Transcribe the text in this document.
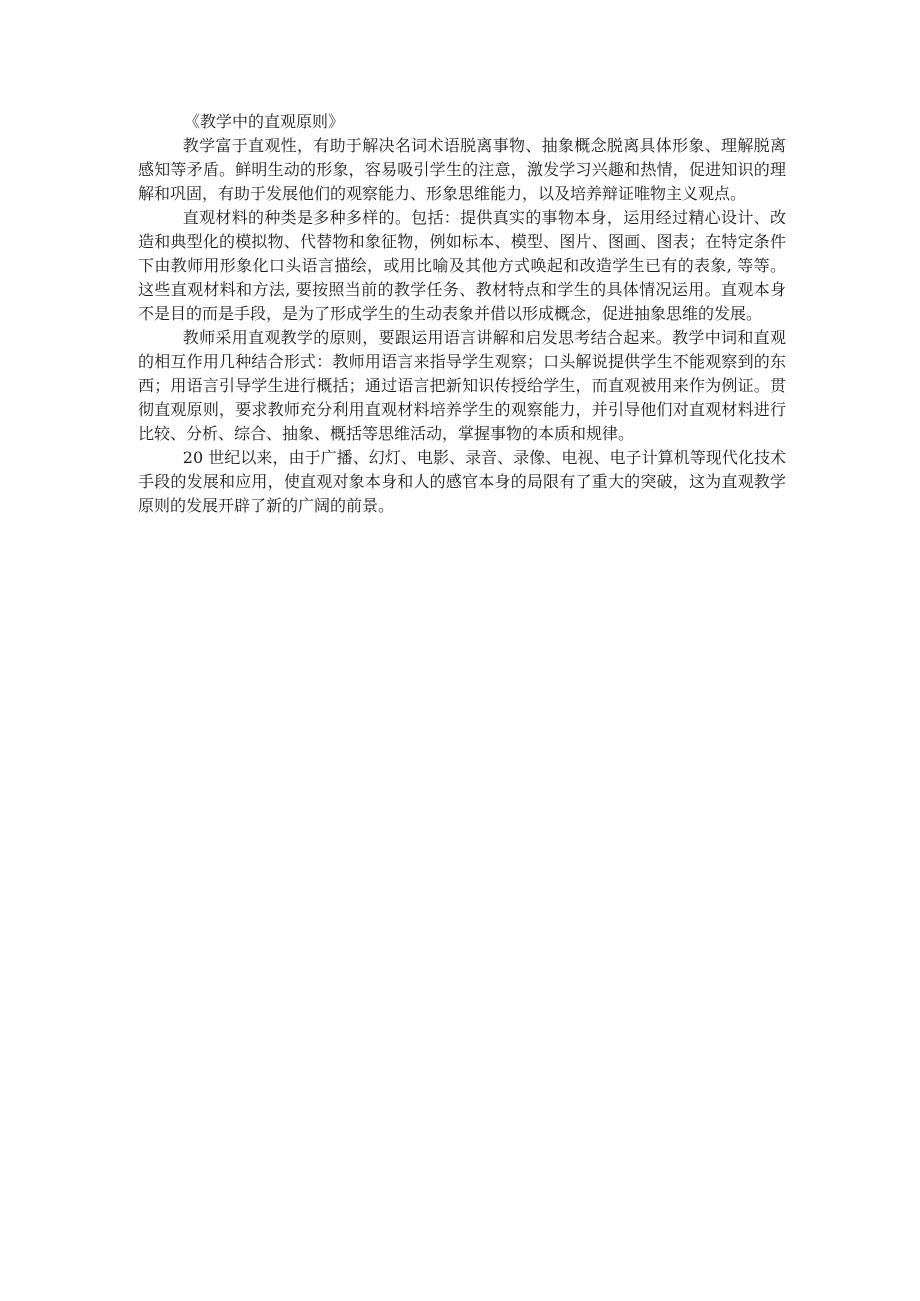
《教学中的直观原则》

教学富于直观性，有助于解决名词术语脱离事物、抽象概念脱离具体形象、理解脱离感知等矛盾。鲜明生动的形象，容易吸引学生的注意，激发学习兴趣和热情，促进知识的理解和巩固，有助于发展他们的观察能力、形象思维能力，以及培养辩证唯物主义观点。

直观材料的种类是多种多样的。包括：提供真实的事物本身，运用经过精心设计、改造和典型化的模拟物、代替物和象征物，例如标本、模型、图片、图画、图表；在特定条件下由教师用形象化口头语言描绘，或用比喻及其他方式唤起和改造学生已有的表象, 等等。这些直观材料和方法, 要按照当前的教学任务、教材特点和学生的具体情况运用。直观本身不是目的而是手段，是为了形成学生的生动表象并借以形成概念，促进抽象思维的发展。

教师采用直观教学的原则，要跟运用语言讲解和启发思考结合起来。教学中词和直观的相互作用几种结合形式：教师用语言来指导学生观察；口头解说提供学生不能观察到的东西；用语言引导学生进行概括；通过语言把新知识传授给学生，而直观被用来作为例证。贯彻直观原则，要求教师充分利用直观材料培养学生的观察能力，并引导他们对直观材料进行比较、分析、综合、抽象、概括等思维活动，掌握事物的本质和规律。

20 世纪以来，由于广播、幻灯、电影、录音、录像、电视、电子计算机等现代化技术手段的发展和应用，使直观对象本身和人的感官本身的局限有了重大的突破，这为直观教学原则的发展开辟了新的广阔的前景。
